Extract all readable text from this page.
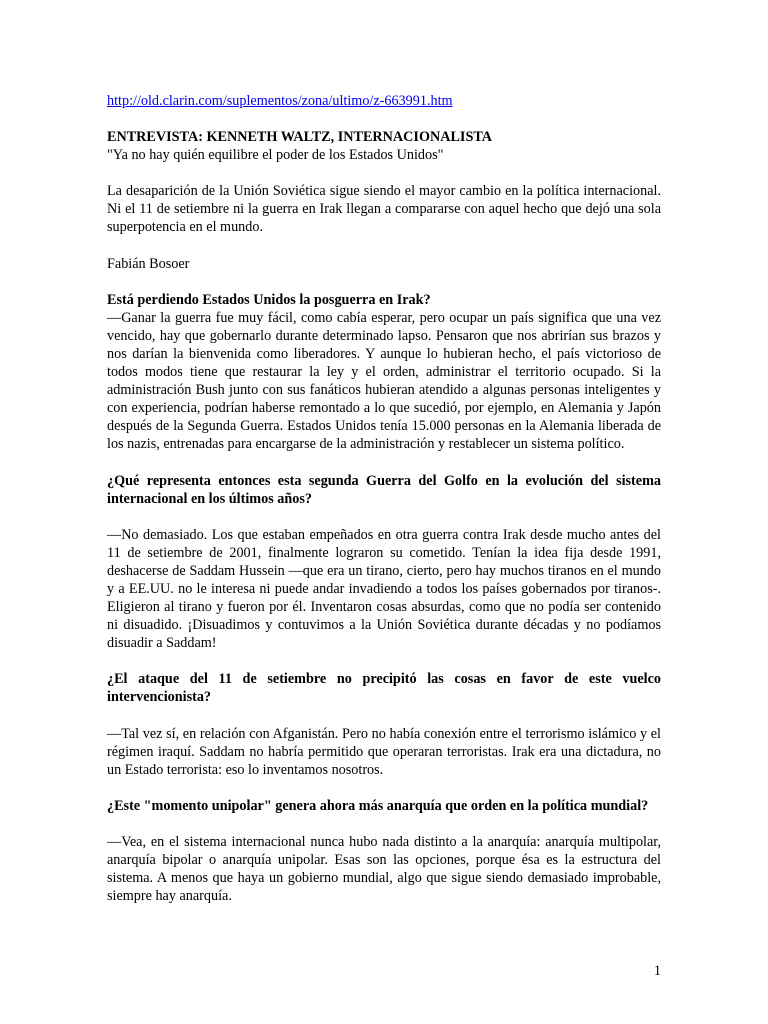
http://old.clarin.com/suplementos/zona/ultimo/z-663991.htm

ENTREVISTA: KENNETH WALTZ, INTERNACIONALISTA

"Ya no hay quién equilibre el poder de los Estados Unidos"

La desaparición de la Unión Soviética sigue siendo el mayor cambio en la política internacional. Ni el 11 de setiembre ni la guerra en Irak llegan a compararse con aquel hecho que dejó una sola superpotencia en el mundo.

Fabián Bosoer

Está perdiendo Estados Unidos la posguerra en Irak?

—Ganar la guerra fue muy fácil, como cabía esperar, pero ocupar un país significa que una vez vencido, hay que gobernarlo durante determinado lapso. Pensaron que nos abrirían sus brazos y nos darían la bienvenida como liberadores. Y aunque lo hubieran hecho, el país victorioso de todos modos tiene que restaurar la ley y el orden, administrar el territorio ocupado. Si la administración Bush junto con sus fanáticos hubieran atendido a algunas personas inteligentes y con experiencia, podrían haberse remontado a lo que sucedió, por ejemplo, en Alemania y Japón después de la Segunda Guerra. Estados Unidos tenía 15.000 personas en la Alemania liberada de los nazis, entrenadas para encargarse de la administración y restablecer un sistema político.

¿Qué representa entonces esta segunda Guerra del Golfo en la evolución del sistema internacional en los últimos años?

—No demasiado. Los que estaban empeñados en otra guerra contra Irak desde mucho antes del 11 de setiembre de 2001, finalmente lograron su cometido. Tenían la idea fija desde 1991, deshacerse de Saddam Hussein —que era un tirano, cierto, pero hay muchos tiranos en el mundo y a EE.UU. no le interesa ni puede andar invadiendo a todos los países gobernados por tiranos-. Eligieron al tirano y fueron por él. Inventaron cosas absurdas, como que no podía ser contenido ni disuadido. ¡Disuadimos y contuvimos a la Unión Soviética durante décadas y no podíamos disuadir a Saddam!

¿El ataque del 11 de setiembre no precipitó las cosas en favor de este vuelco intervencionista?

—Tal vez sí, en relación con Afganistán. Pero no había conexión entre el terrorismo islámico y el régimen iraquí. Saddam no habría permitido que operaran terroristas. Irak era una dictadura, no un Estado terrorista: eso lo inventamos nosotros.

¿Este "momento unipolar" genera ahora más anarquía que orden en la política mundial?

—Vea, en el sistema internacional nunca hubo nada distinto a la anarquía: anarquía multipolar, anarquía bipolar o anarquía unipolar. Esas son las opciones, porque ésa es la estructura del sistema. A menos que haya un gobierno mundial, algo que sigue siendo demasiado improbable, siempre hay anarquía.

1
